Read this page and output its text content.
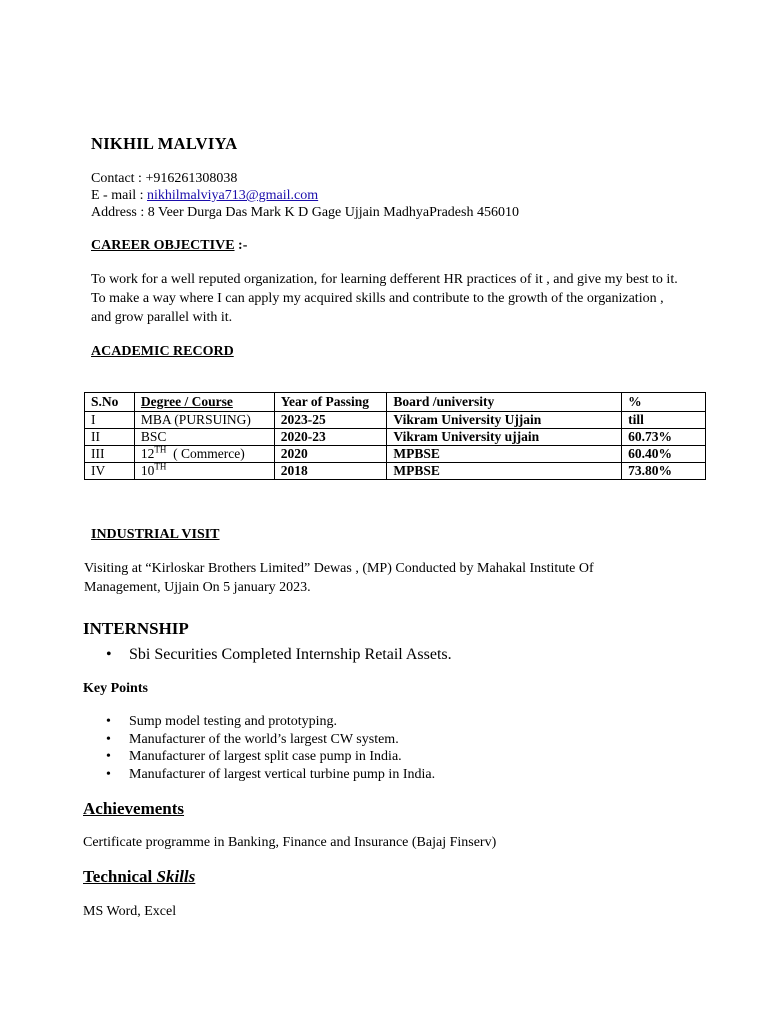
NIKHIL MALVIYA
Contact : +916261308038
E - mail : nikhilmalviya713@gmail.com
Address : 8 Veer Durga Das Mark K D Gage Ujjain MadhyaPradesh 456010
CAREER OBJECTIVE :-
To work for a well reputed organization, for learning defferent HR practices of it , and give my best to it. To make a way where I can apply my acquired skills and contribute to the growth of the organization , and grow parallel with it.
ACADEMIC RECORD
S.No	Degree / Course	Year of Passing	Board /university	%
I	MBA (PURSUING)	2023-25	Vikram University Ujjain	till
II	BSC	2020-23	Vikram University ujjain	60.73%
III	12TH  ( Commerce)	2020	MPBSE	60.40%
IV	10TH	2018	MPBSE	73.80%
INDUSTRIAL VISIT
Visiting at “Kirloskar Brothers Limited” Dewas , (MP) Conducted by Mahakal Institute Of Management, Ujjain On 5 january 2023.
INTERNSHIP
• Sbi Securities Completed Internship Retail Assets.
Key Points
• Sump model testing and prototyping.
• Manufacturer of the world’s largest CW system.
• Manufacturer of largest split case pump in India.
• Manufacturer of largest vertical turbine pump in India.
Achievements
Certificate programme in Banking, Finance and Insurance (Bajaj Finserv)
Technical Skills
MS Word, Excel
